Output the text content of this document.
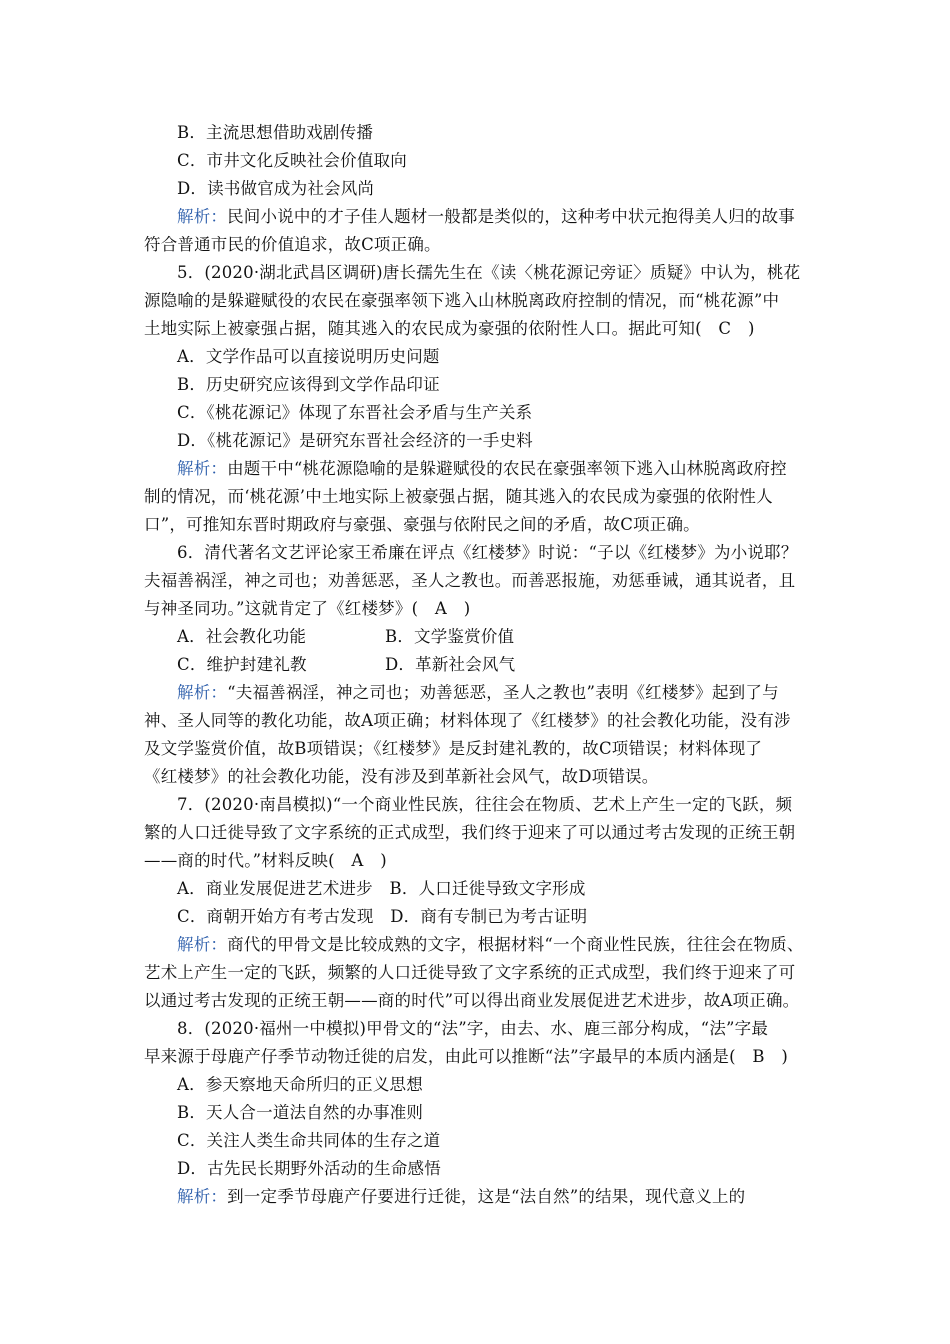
B．主流思想借助戏剧传播
C．市井文化反映社会价值取向
D．读书做官成为社会风尚
解析：民间小说中的才子佳人题材一般都是类似的，这种考中状元抱得美人归的故事
符合普通市民的价值追求，故C项正确。
5．(2020·湖北武昌区调研)唐长孺先生在《读〈桃花源记旁证〉质疑》中认为，桃花
源隐喻的是躲避赋役的农民在豪强率领下逃入山林脱离政府控制的情况，而“桃花源”中
土地实际上被豪强占据，随其逃入的农民成为豪强的依附性人口。据此可知(　C　)
A．文学作品可以直接说明历史问题
B．历史研究应该得到文学作品印证
C．《桃花源记》体现了东晋社会矛盾与生产关系
D．《桃花源记》是研究东晋社会经济的一手史料
解析：由题干中“桃花源隐喻的是躲避赋役的农民在豪强率领下逃入山林脱离政府控
制的情况，而‘桃花源’中土地实际上被豪强占据，随其逃入的农民成为豪强的依附性人
口”，可推知东晋时期政府与豪强、豪强与依附民之间的矛盾，故C项正确。
6．清代著名文艺评论家王希廉在评点《红楼梦》时说：“子以《红楼梦》为小说耶？
夫福善祸淫，神之司也；劝善惩恶，圣人之教也。而善恶报施，劝惩垂诫，通其说者，且
与神圣同功。”这就肯定了《红楼梦》(　A　)
A．社会教化功能	B．文学鉴赏价值
C．维护封建礼教	D．革新社会风气
解析：“夫福善祸淫，神之司也；劝善惩恶，圣人之教也”表明《红楼梦》起到了与
神、圣人同等的教化功能，故A项正确；材料体现了《红楼梦》的社会教化功能，没有涉
及文学鉴赏价值，故B项错误；《红楼梦》是反封建礼教的，故C项错误；材料体现了
《红楼梦》的社会教化功能，没有涉及到革新社会风气，故D项错误。
7．(2020·南昌模拟)“一个商业性民族，往往会在物质、艺术上产生一定的飞跃，频
繁的人口迁徙导致了文字系统的正式成型，我们终于迎来了可以通过考古发现的正统王朝
——商的时代。”材料反映(　A　)
A．商业发展促进艺术进步　B．人口迁徙导致文字形成
C．商朝开始方有考古发现　D．商有专制已为考古证明
解析：商代的甲骨文是比较成熟的文字，根据材料“一个商业性民族，往往会在物质、
艺术上产生一定的飞跃，频繁的人口迁徙导致了文字系统的正式成型，我们终于迎来了可
以通过考古发现的正统王朝——商的时代”可以得出商业发展促进艺术进步，故A项正确。
8．(2020·福州一中模拟)甲骨文的“法”字，由去、水、鹿三部分构成，“法”字最
早来源于母鹿产仔季节动物迁徙的启发，由此可以推断“法”字最早的本质内涵是(　B　)
A．参天察地天命所归的正义思想
B．天人合一道法自然的办事准则
C．关注人类生命共同体的生存之道
D．古先民长期野外活动的生命感悟
解析：到一定季节母鹿产仔要进行迁徙，这是“法自然”的结果，现代意义上的
